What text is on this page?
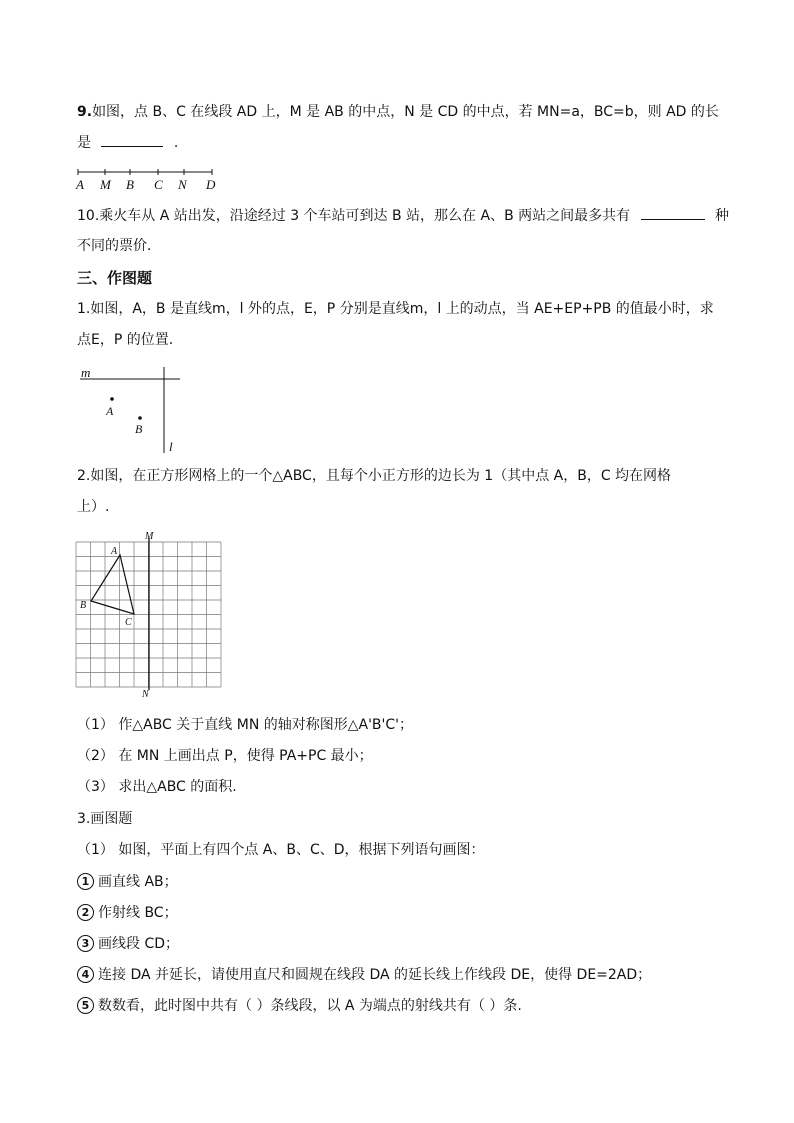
9.如图，点 B、C 在线段 AD 上，M 是 AB 的中点，N 是 CD 的中点，若 MN=a，BC=b，则 AD 的长
是	.
A M B C N D
10.乘火车从 A 站出发，沿途经过 3 个车站可到达 B 站，那么在 A、B 两站之间最多共有	种
不同的票价．
三、作图题
1.如图，A，B 是直线m，l 外的点，E，P 分别是直线m，l 上的动点，当 AE+EP+PB 的值最小时，求
点E，P 的位置.
m
l
A
B
2.如图，在正方形网格上的一个△ABC，且每个小正方形的边长为 1（其中点 A，B，C 均在网格
上）.
M
N
A
B
C
（1） 作△ABC 关于直线 MN 的轴对称图形△A'B'C'；
（2） 在 MN 上画出点 P，使得 PA+PC 最小；
（3） 求出△ABC 的面积.
3.画图题
（1） 如图，平面上有四个点 A、B、C、D，根据下列语句画图：
1 画直线 AB；
2 作射线 BC；
3 画线段 CD；
4 连接 DA 并延长，请使用直尺和圆规在线段 DA 的延长线上作线段 DE，使得 DE=2AD；
5 数数看，此时图中共有（ ）条线段，以 A 为端点的射线共有（ ）条.
